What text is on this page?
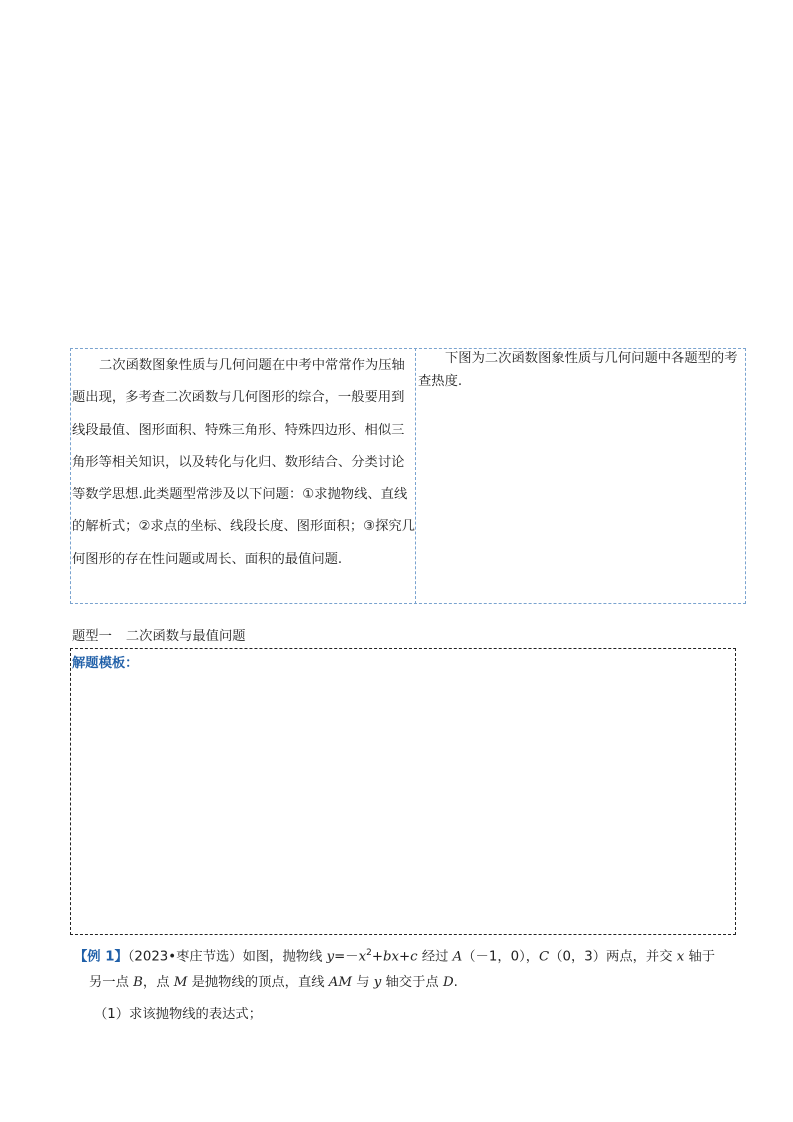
二次函数图象性质与几何问题在中考中常常作为压轴题出现，多考查二次函数与几何图形的综合，一般要用到线段最值、图形面积、特殊三角形、特殊四边形、相似三角形等相关知识，以及转化与化归、数形结合、分类讨论等数学思想.此类题型常涉及以下问题：①求抛物线、直线的解析式；②求点的坐标、线段长度、图形面积；③探究几何图形的存在性问题或周长、面积的最值问题.
下图为二次函数图象性质与几何问题中各题型的考查热度.
题型一 二次函数与最值问题
解题模板：
【例 1】（2023•枣庄节选）如图，抛物线 $y=-x^2+bx+c$ 经过 A（－1，0），C（0，3）两点，并交 x 轴于
另一点 B，点 M 是抛物线的顶点，直线 AM 与 y 轴交于点 D.
（1）求该抛物线的表达式；
